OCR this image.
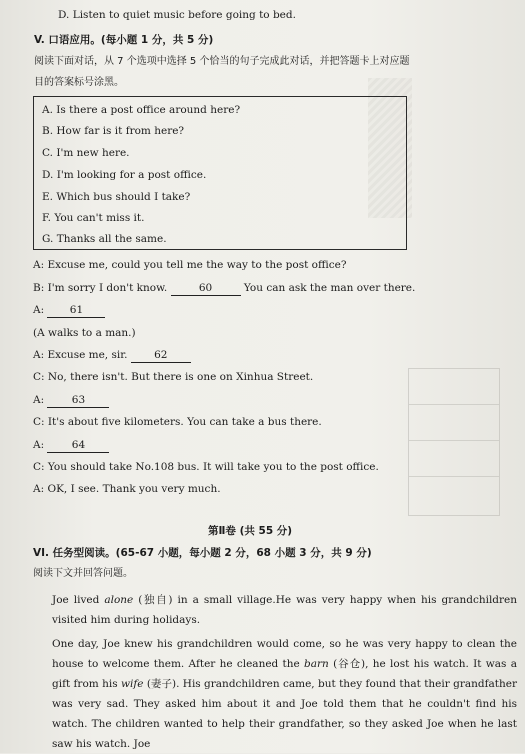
D. Listen to quiet music before going to bed.
V. 口语应用。(每小题 1 分，共 5 分)
阅读下面对话，从 7 个选项中选择 5 个恰当的句子完成此对话，并把答题卡上对应题
目的答案标号涂黑。
A. Is there a post office around here?
B. How far is it from here?
C. I'm new here.
D. I'm looking for a post office.
E. Which bus should I take?
F. You can't miss it.
G. Thanks all the same.
A: Excuse me, could you tell me the way to the post office?
B: I'm sorry I don't know.	60	You can ask the man over there.
A: 61
(A walks to a man.)
A: Excuse me, sir.	62
C: No, there isn't. But there is one on Xinhua Street.
A:	63
C: It's about five kilometers. You can take a bus there.
A:	64
C: You should take No.108 bus. It will take you to the post office.
A: OK, I see. Thank you very much.
第Ⅱ卷 (共 55 分)
VI. 任务型阅读。(65-67 小题，每小题 2 分，68 小题 3 分，共 9 分)
阅读下文并回答问题。
Joe lived alone (独自) in a small village.He was very happy when his grandchildren visited him during holidays.
One day, Joe knew his grandchildren would come, so he was very happy to clean the house to welcome them. After he cleaned the barn (谷仓), he lost his watch. It was a gift from his wife (妻子). His grandchildren came, but they found that their grandfather was very sad. They asked him about it and Joe told them that he couldn't find his watch. The children wanted to help their grandfather, so they asked Joe when he last saw his watch. Joe
